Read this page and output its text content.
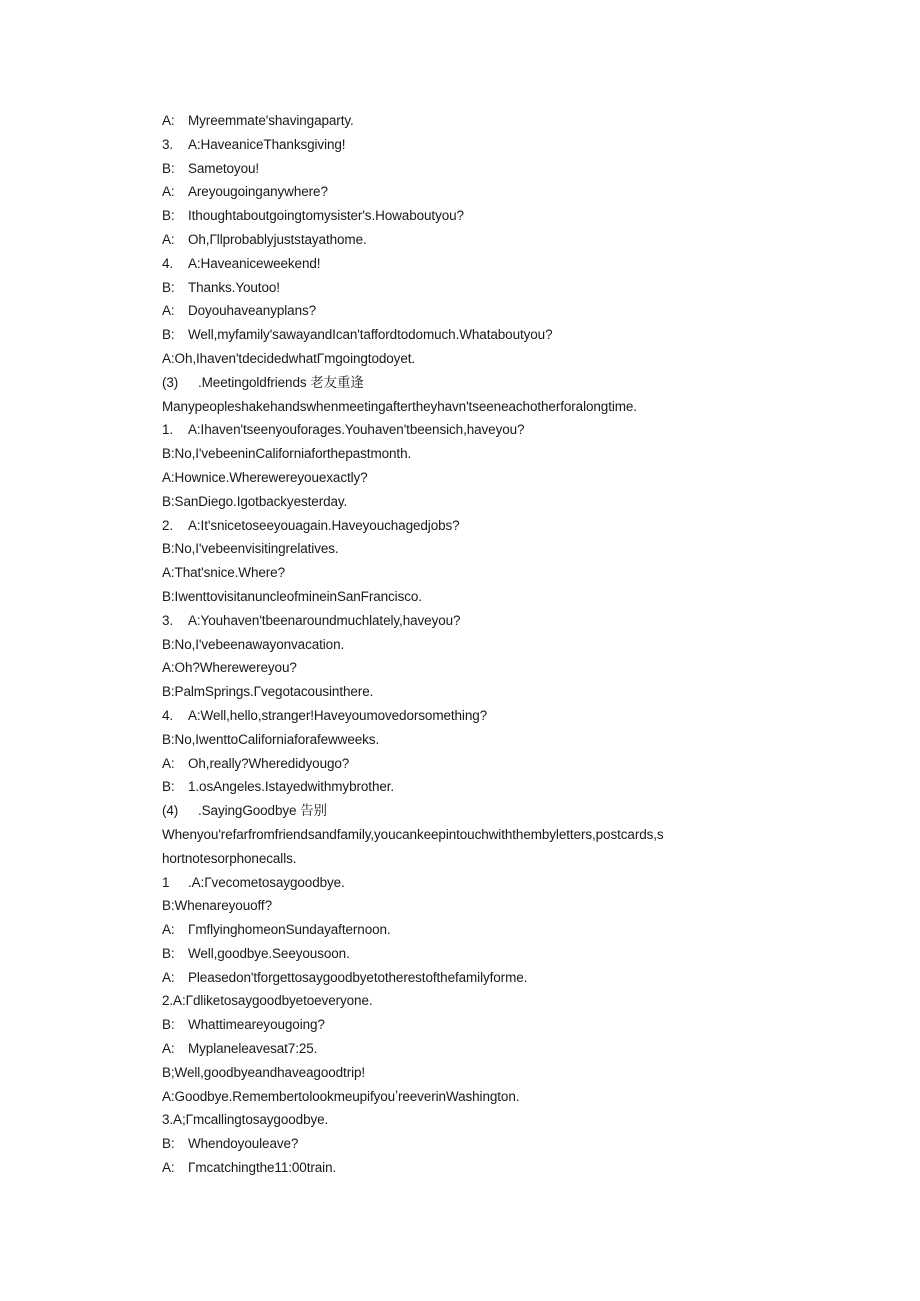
A: Myreemmate'shavingaparty.
3. A:HaveaniceThanksgiving!
B: Sametoyou!
A: Areyougoinganywhere?
B: Ithoughtaboutgoingtomysister's.Howaboutyou?
A: Oh,Γllprobablyjuststayathome.
4. A:Haveaniceweekend!
B: Thanks.Youtoo!
A: Doyouhaveanyplans?
B: Well,myfamily'sawayandIcan'taffordtodomuch.Whataboutyou?
A:Oh,Ihaven'tdecidedwhatΓmgoingtodoyet.
(3) .Meetingoldfriends 老友重逢
Manypeopleshakehandswhenmeetingaftertheyhavn'tseeneachotherforalongtime.
1. A:Ihaven'tseenyouforages.Youhaven'tbeensich,haveyou?
B:No,I'vebeeninCaliforniaforthepastmonth.
A:Hownice.Wherewereyouexactly?
B:SanDiego.Igotbackyesterday.
2. A:It'snicetoseeyouagain.Haveyouchagedjobs?
B:No,I'vebeenvisitingrelatives.
A:That'snice.Where?
B:IwenttovisitanuncleofmineinSanFrancisco.
3. A:Youhaven'tbeenaroundmuchlately,haveyou?
B:No,I'vebeenawayonvacation.
A:Oh?Wherewereyou?
B:PalmSprings.Γvegotacousinthere.
4. A:Well,hello,stranger!Haveyoumovedorsomething?
B:No,IwenttoCaliforniaforafewweeks.
A: Oh,really?Wheredidyougo?
B: 1.osAngeles.Istayedwithmybrother.
(4) .SayingGoodbye 告别
Whenyou'refarfromfriendsandfamily,youcankeepintouchwiththembyletters,postcards,s
hortnotesorphonecalls.
1 .A:Γvecometosaygoodbye.
B:Whenareyouoff?
A: ΓmflyinghomeonSundayafternoon.
B: Well,goodbye.Seeyousoon.
A: Pleasedon'tforgettosaygoodbyetotherestofthefamilyforme.
2.A:Γdliketosaygoodbyetoeveryone.
B: Whattimeareyougoing?
A: Myplaneleavesat7:25.
B;Well,goodbyeandhaveagoodtrip!
A:Goodbye.RemembertolookmeupifyouʼreeverinWashington.
3.A;Γmcallingtosaygoodbye.
B: Whendoyouleave?
A: Γmcatchingthe11:00train.
